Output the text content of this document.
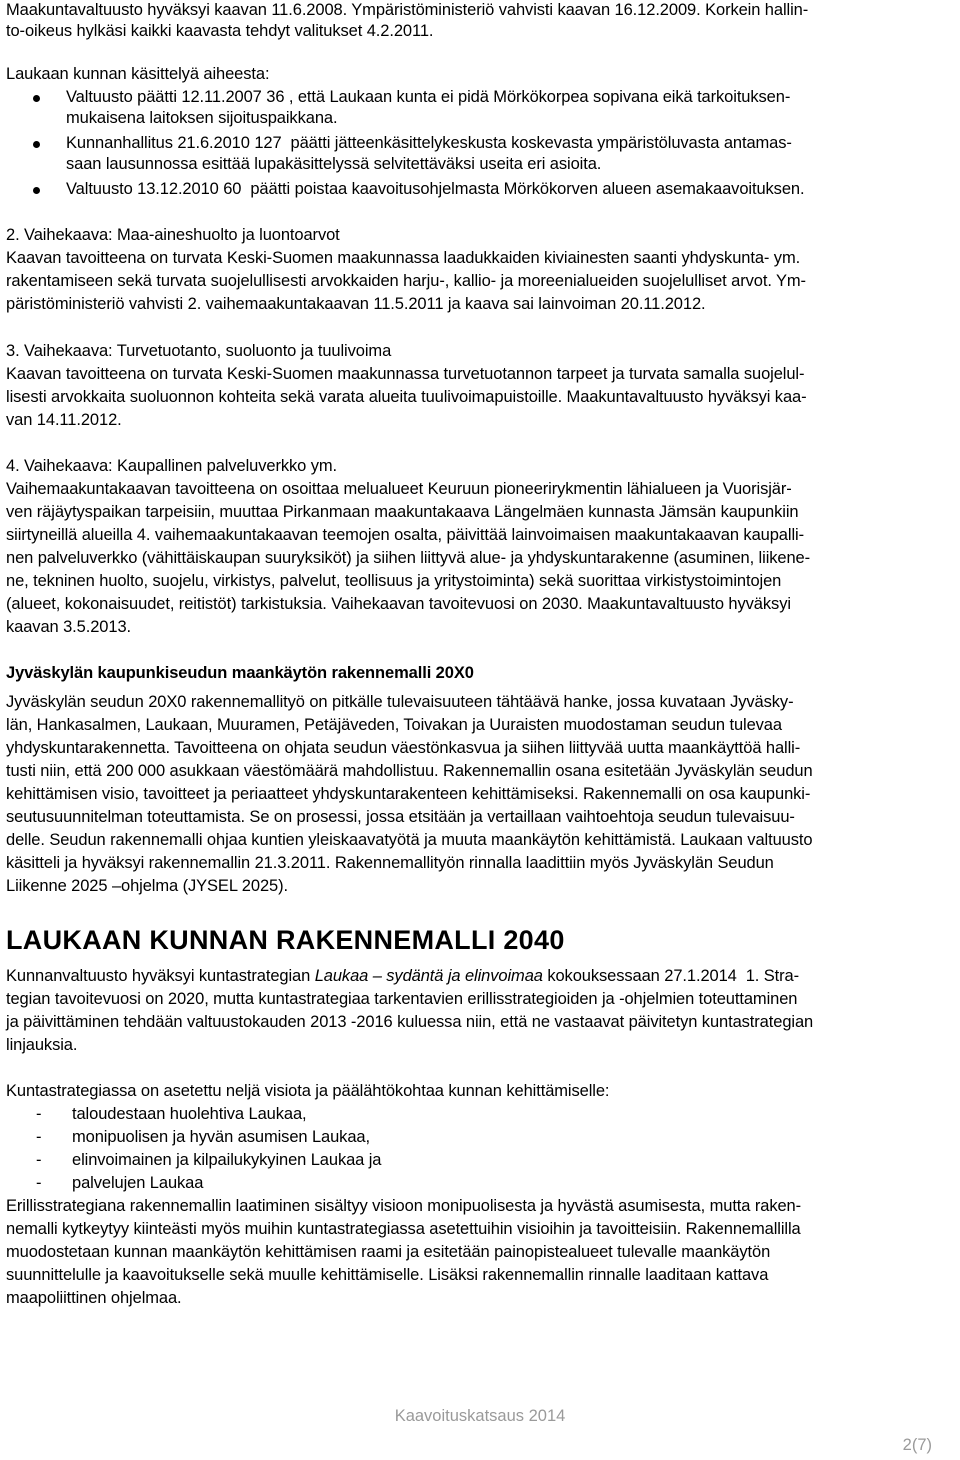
Maakuntavaltuusto hyväksyi kaavan 11.6.2008. Ympäristöministeriö vahvisti kaavan 16.12.2009. Korkein hallin-
to-oikeus hylkäsi kaikki kaavasta tehdyt valitukset 4.2.2011.
Laukaan kunnan käsittelyä aiheesta:
Valtuusto päätti 12.11.2007 36 , että Laukaan kunta ei pidä Mörkökorpea sopivana eikä tarkoituksen-
mukaisena laitoksen sijoituspaikkana.
Kunnanhallitus 21.6.2010 127  päätti jätteenkäsittelykeskusta koskevasta ympäristöluvasta antamas-
saan lausunnossa esittää lupakäsittelyssä selvitettäväksi useita eri asioita.
Valtuusto 13.12.2010 60  päätti poistaa kaavoitusohjelmasta Mörkökorven alueen asemakaavoituksen.
2. Vaihekaava: Maa-aineshuolto ja luontoarvot
Kaavan tavoitteena on turvata Keski-Suomen maakunnassa laadukkaiden kiviainesten saanti yhdyskunta- ym.
rakentamiseen sekä turvata suojelullisesti arvokkaiden harju-, kallio- ja moreenialueiden suojelulliset arvot. Ym-
päristöministeriö vahvisti 2. vaihemaakuntakaavan 11.5.2011 ja kaava sai lainvoiman 20.11.2012.
3. Vaihekaava: Turvetuotanto, suoluonto ja tuulivoima
Kaavan tavoitteena on turvata Keski-Suomen maakunnassa turvetuotannon tarpeet ja turvata samalla suojelul-
lisesti arvokkaita suoluonnon kohteita sekä varata alueita tuulivoimapuistoille. Maakuntavaltuusto hyväksyi kaa-
van 14.11.2012.
4. Vaihekaava: Kaupallinen palveluverkko ym.
Vaihemaakuntakaavan tavoitteena on osoittaa melualueet Keuruun pioneerirykmentin lähialueen ja Vuorisjär-
ven räjäytyspaikan tarpeisiin, muuttaa Pirkanmaan maakuntakaava Längelmäen kunnasta Jämsän kaupunkiin
siirtyneillä alueilla 4. vaihemaakuntakaavan teemojen osalta, päivittää lainvoimaisen maakuntakaavan kaupalli-
nen palveluverkko (vähittäiskaupan suuryksiköt) ja siihen liittyvä alue- ja yhdyskuntarakenne (asuminen, liikene-
ne, tekninen huolto, suojelu, virkistys, palvelut, teollisuus ja yritystoiminta) sekä suorittaa virkistystoimintojen
(alueet, kokonaisuudet, reitistöt) tarkistuksia. Vaihekaavan tavoitevuosi on 2030. Maakuntavaltuusto hyväksyi
kaavan 3.5.2013.
Jyväskylän kaupunkiseudun maankäytön rakennemalli 20X0
Jyväskylän seudun 20X0 rakennemallityö on pitkälle tulevaisuuteen tähtäävä hanke, jossa kuvataan Jyväsky-
län, Hankasalmen, Laukaan, Muuramen, Petäjäveden, Toivakan ja Uuraisten muodostaman seudun tulevaa
yhdyskuntarakennetta. Tavoitteena on ohjata seudun väestönkasvua ja siihen liittyvää uutta maankäyttöä halli-
tusti niin, että 200 000 asukkaan väestömäärä mahdollistuu. Rakennemallin osana esitetään Jyväskylän seudun
kehittämisen visio, tavoitteet ja periaatteet yhdyskuntarakenteen kehittämiseksi. Rakennemalli on osa kaupunki-
seutusuunnitelman toteuttamista. Se on prosessi, jossa etsitään ja vertaillaan vaihtoehtoja seudun tulevaisuu-
delle. Seudun rakennemalli ohjaa kuntien yleiskaavatyötä ja muuta maankäytön kehittämistä. Laukaan valtuusto
käsitteli ja hyväksyi rakennemallin 21.3.2011. Rakennemallityön rinnalla laadittiin myös Jyväskylän Seudun
Liikenne 2025 –ohjelma (JYSEL 2025).
LAUKAAN KUNNAN RAKENNEMALLI 2040
Kunnanvaltuusto hyväksyi kuntastrategian Laukaa – sydäntä ja elinvoimaa kokouksessaan 27.1.2014  1. Stra-
tegian tavoitevuosi on 2020, mutta kuntastrategiaa tarkentavien erillisstrategioiden ja -ohjelmien toteuttaminen
ja päivittäminen tehdään valtuustokauden 2013 -2016 kuluessa niin, että ne vastaavat päivitetyn kuntastrategian
linjauksia.
Kuntastrategiassa on asetettu neljä visiota ja päälähtökohtaa kunnan kehittämiselle:
- taloudestaan huolehtiva Laukaa,
- monipuolisen ja hyvän asumisen Laukaa,
- elinvoimainen ja kilpailukykyinen Laukaa ja
- palvelujen Laukaa
Erillisstrategiana rakennemallin laatiminen sisältyy visioon monipuolisesta ja hyvästä asumisesta, mutta raken-
nemalli kytkeytyy kiinteästi myös muihin kuntastrategiassa asetettuihin visioihin ja tavoitteisiin. Rakennemallilla
muodostetaan kunnan maankäytön kehittämisen raami ja esitetään painopistealueet tulevalle maankäytön
suunnittelulle ja kaavoitukselle sekä muulle kehittämiselle. Lisäksi rakennemallin rinnalle laaditaan kattava
maapoliittinen ohjelmaa.
Kaavoituskatsaus 2014
2(7)
